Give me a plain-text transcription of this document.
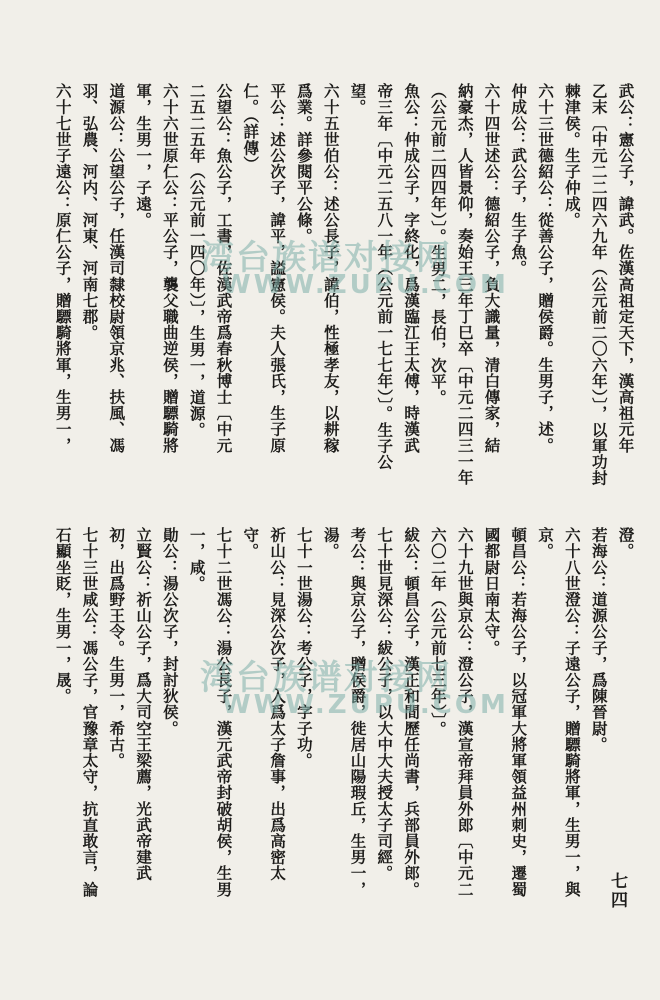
澄。
若海公：道源公子，爲陳晉尉。
六十八世澄公：子遠公子，贈驃騎將軍，生男一，與
京。
頓昌公：若海公子，以冠軍大將軍領益州刺史，遷蜀
國都尉日南太守。
六十九世與京公：澄公子，漢宣帝拜員外郎〔中元二
六〇二年（公元前七三年）〕。
紱公：頓昌公子，漢正和間歷任尚書，兵部員外郎。
七十世見深公：紱公子，以大中大夫授太子司經。
考公：與京公子，贈侯爵，徙居山陽瑕丘，生男一，
湯。
七十一世湯公：考公子，字子功。
祈山公：見深公次子，入爲太子詹事，出爲高密太
守。
七十二世馮公：湯公長子，漢元武帝封破胡侯，生男
一，咸。
勛公：湯公次子，封討狄侯。
立賢公：祈山公子，爲大司空王梁薦，光武帝建武
初，出爲野王令。生男一，希古。
七十三世咸公：馮公子，官豫章太守，抗直敢言，論
石顯坐貶，生男一，晟。
武公：憲公子，諱武。佐漢高祖定天下，漢高祖元年
乙末〔中元二二四六九年（公元前二〇六年）〕，以軍功封
棘津侯。生子仲成。
六十三世德紹公：從善公子，贈侯爵。生男子，述。
仲成公：武公子，生子魚。
六十四世述公：德紹公子，負大識量，清白傳家，結
納豪杰，人皆景仰，奏始王三年丁巳卒〔中元二四三一年
（公元前二四四年）〕。生男二，長伯，次平。
魚公：仲成公子，字終化，爲漢臨江王太傅，時漢武
帝三年〔中元二五八一年（公元前一七七年）〕。生子公
望。
六十五世伯公：述公長子，諱伯，性極孝友，以耕稼
爲業。詳參閱平公條。
平公：述公次子，諱平，謚憲侯。夫人張氏，生子原
仁。（詳傳）
公望公：魚公子，工書，佐漢武帝爲春秋博士〔中元
二五二五年（公元前一四〇年）〕，生男一，道源。
六十六世原仁公：平公子，襲父職曲逆侯，贈驃騎將
軍，生男一，子遠。
道源公：公望公子，任漢司隸校尉領京兆、扶風、馮
羽、弘農、河内、河東、河南七郡。
六十七世子遠公：原仁公子，贈驃騎將軍，生男一，	湾台族谱对接网
WWW.ZUPU.COM
湾台族谱对接网
WWW.ZUPU.COM
七四
